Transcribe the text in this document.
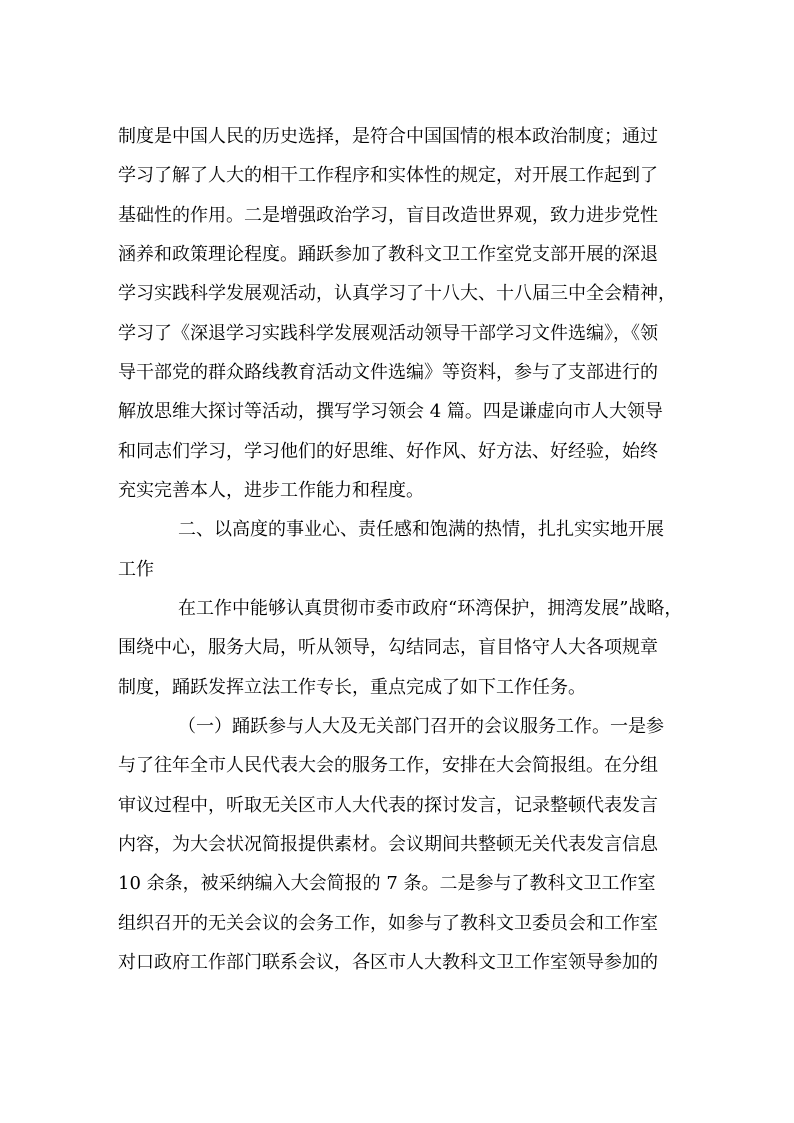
制度是中国人民的历史选择，是符合中国国情的根本政治制度；通过
学习了解了人大的相干工作程序和实体性的规定，对开展工作起到了
基础性的作用。二是增强政治学习，盲目改造世界观，致力进步党性
涵养和政策理论程度。踊跃参加了教科文卫工作室党支部开展的深退
学习实践科学发展观活动，认真学习了十八大、十八届三中全会精神，
学习了《深退学习实践科学发展观活动领导干部学习文件选编》，《领
导干部党的群众路线教育活动文件选编》等资料，参与了支部进行的
解放思维大探讨等活动，撰写学习领会 4 篇。四是谦虚向市人大领导
和同志们学习，学习他们的好思维、好作风、好方法、好经验，始终
充实完善本人，进步工作能力和程度。
二、以高度的事业心、责任感和饱满的热情，扎扎实实地开展
工作
在工作中能够认真贯彻市委市政府“环湾保护，拥湾发展”战略，
围绕中心，服务大局，听从领导，勾结同志，盲目恪守人大各项规章
制度，踊跃发挥立法工作专长，重点完成了如下工作任务。
（一）踊跃参与人大及无关部门召开的会议服务工作。一是参
与了往年全市人民代表大会的服务工作，安排在大会简报组。在分组
审议过程中，听取无关区市人大代表的探讨发言，记录整顿代表发言
内容，为大会状况简报提供素材。会议期间共整顿无关代表发言信息
10 余条，被采纳编入大会简报的 7 条。二是参与了教科文卫工作室
组织召开的无关会议的会务工作，如参与了教科文卫委员会和工作室
对口政府工作部门联系会议，各区市人大教科文卫工作室领导参加的
